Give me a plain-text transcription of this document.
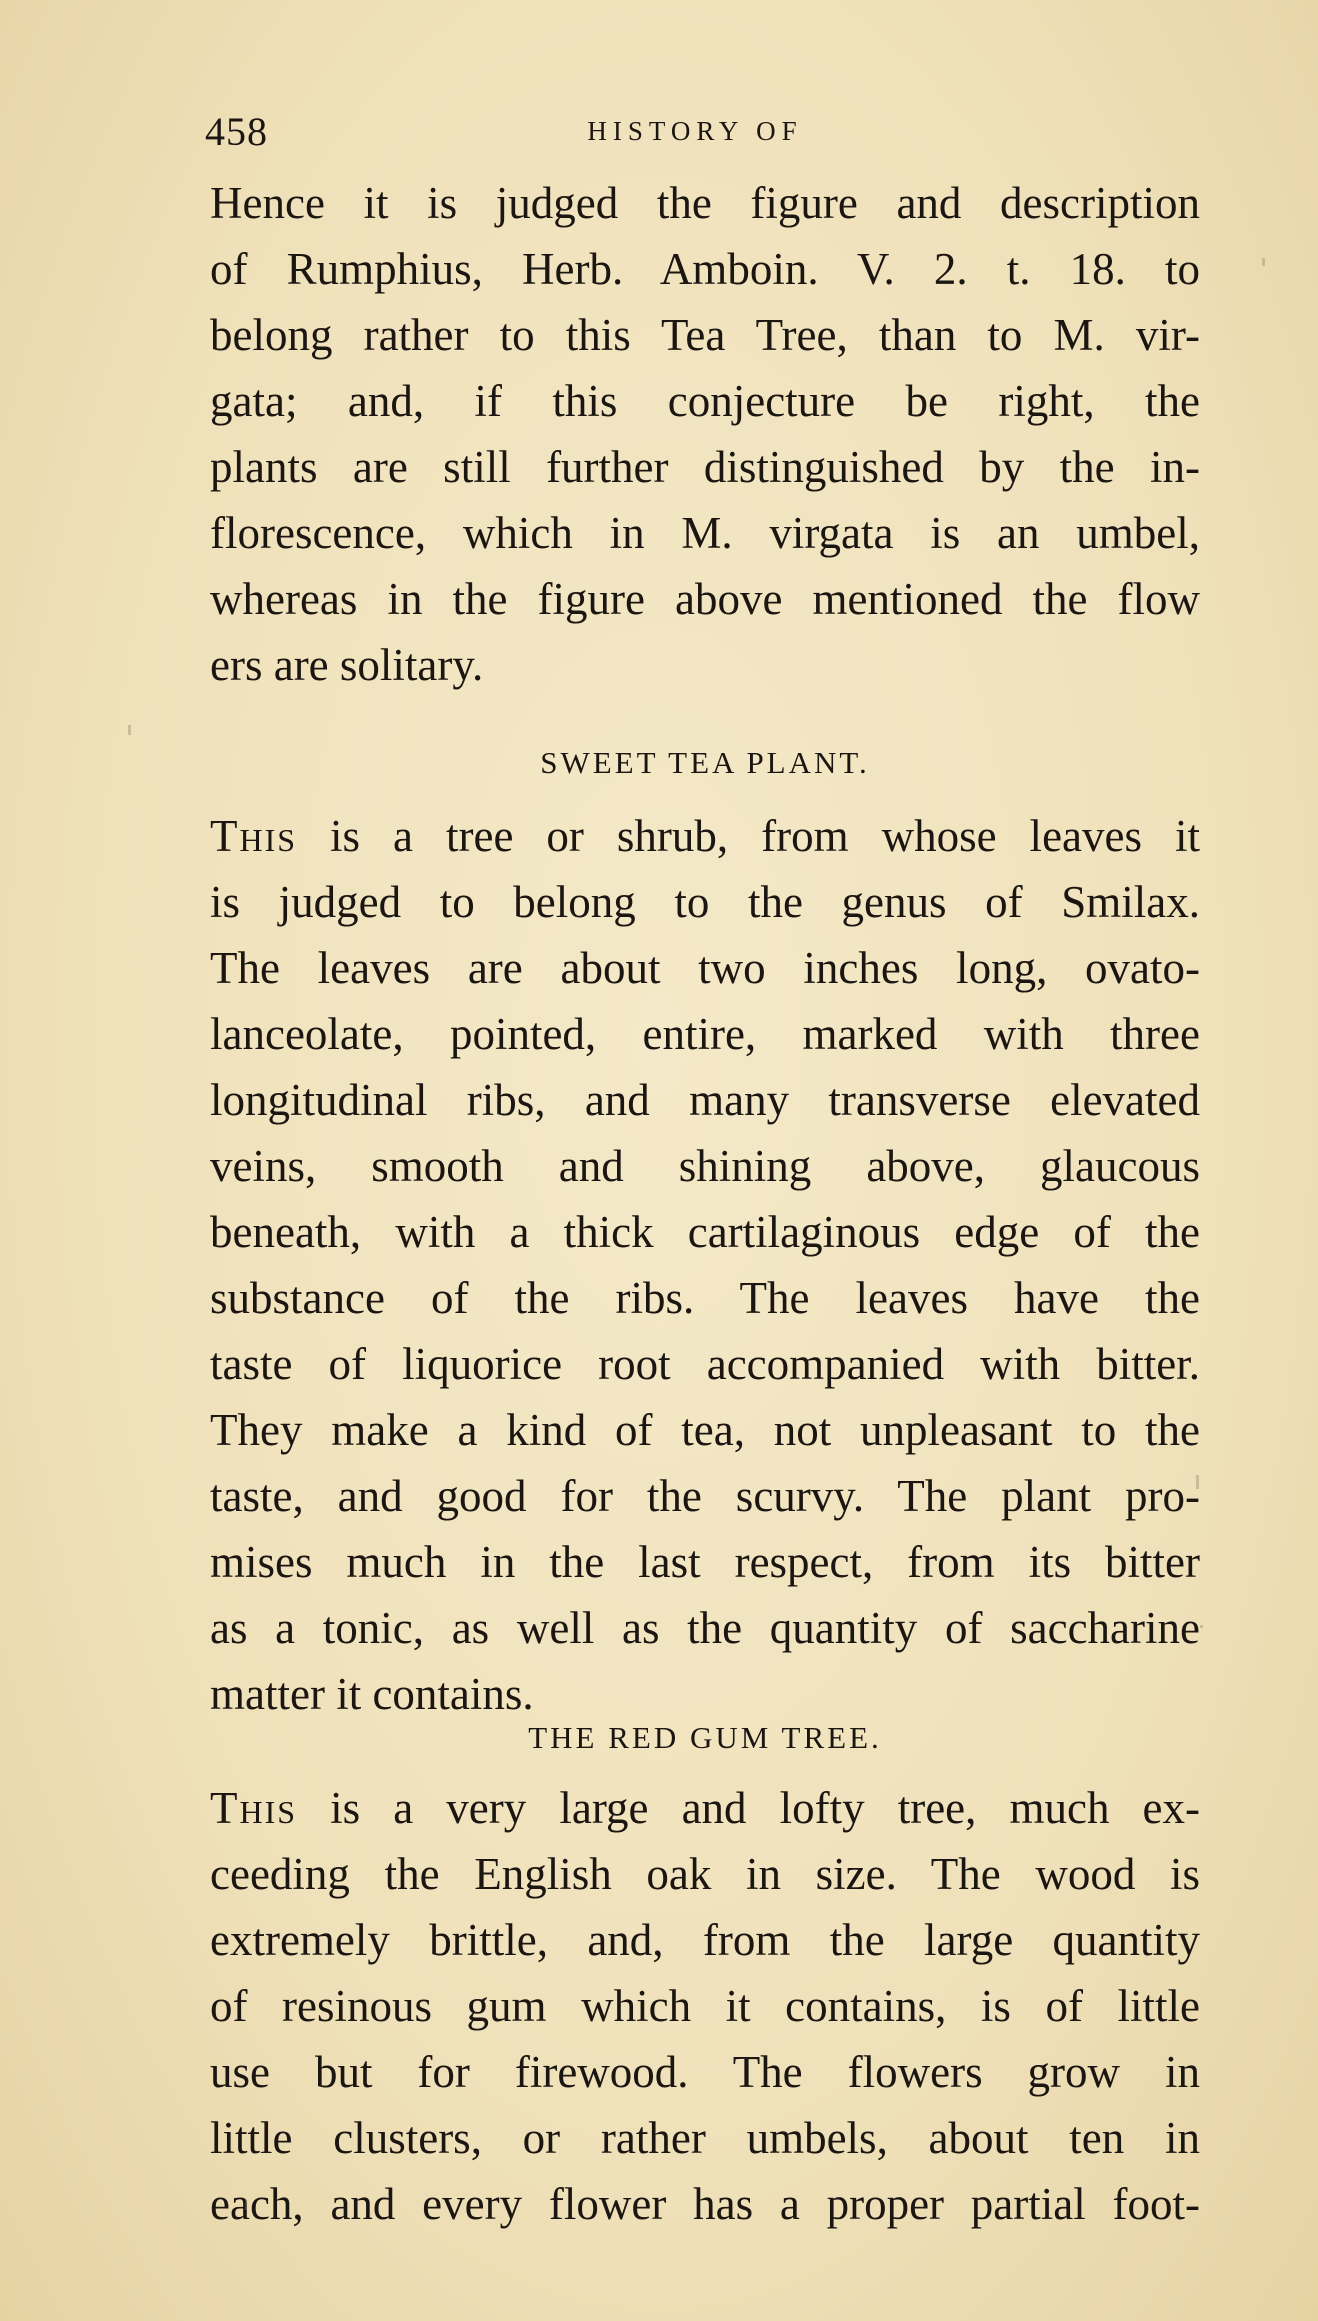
458	HISTORY OF
Hence it is judged the figure and description
of Rumphius, Herb. Amboin. V. 2. t. 18. to
belong rather to this Tea Tree, than to M. vir-
gata; and, if this conjecture be right, the
plants are still further distinguished by the in-
florescence, which in M. virgata is an umbel,
whereas in the figure above mentioned the flow
ers are solitary.
SWEET TEA PLANT.
This is a tree or shrub, from whose leaves it
is judged to belong to the genus of Smilax.
The leaves are about two inches long, ovato-
lanceolate, pointed, entire, marked with three
longitudinal ribs, and many transverse elevated
veins, smooth and shining above, glaucous
beneath, with a thick cartilaginous edge of the
substance of the ribs. The leaves have the
taste of liquorice root accompanied with bitter.
They make a kind of tea, not unpleasant to the
taste, and good for the scurvy. The plant pro-
mises much in the last respect, from its bitter
as a tonic, as well as the quantity of saccharine
matter it contains.
THE RED GUM TREE.
This is a very large and lofty tree, much ex-
ceeding the English oak in size. The wood is
extremely brittle, and, from the large quantity
of resinous gum which it contains, is of little
use but for firewood. The flowers grow in
little clusters, or rather umbels, about ten in
each, and every flower has a proper partial foot-
